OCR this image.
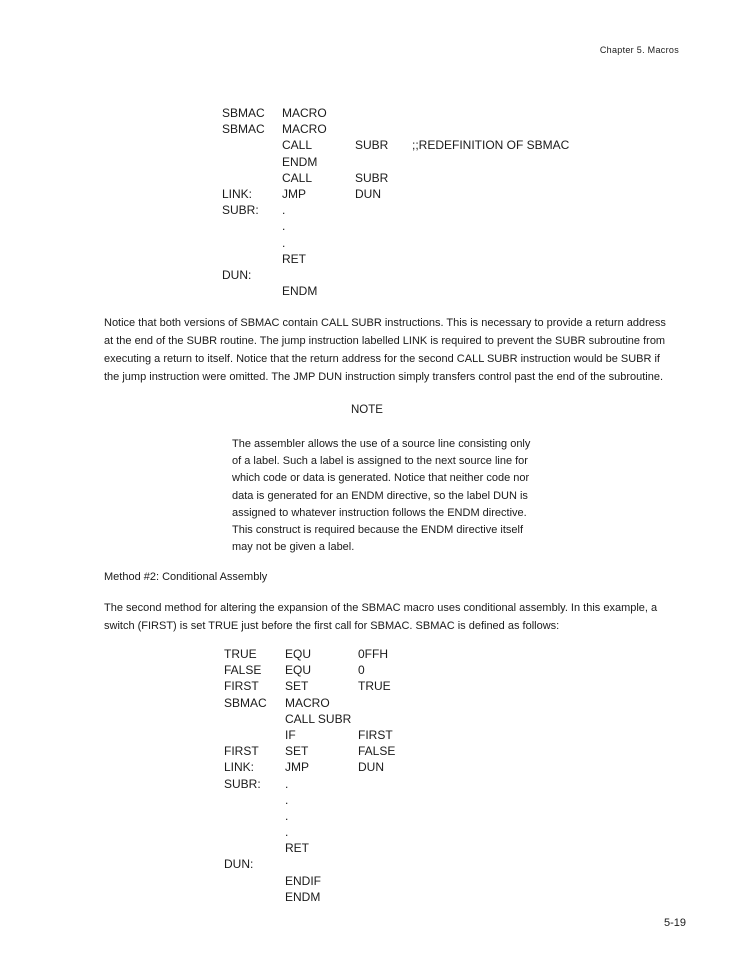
Chapter 5. Macros
SBMAC MACRO
SBMAC MACRO
CALL	SUBR ;;REDEFINITION OF SBMAC
ENDM
CALL	SUBR
LINK: JMP	DUN
SUBR: .
.
.
RET
DUN:
ENDM

Notice that both versions of SBMAC contain CALL SUBR instructions. This is necessary to provide a return address at the end of the SUBR routine. The jump instruction labelled LINK is required to prevent the SUBR subroutine from executing a return to itself. Notice that the return address for the second CALL SUBR instruction would be SUBR if the jump instruction were omitted. The JMP DUN instruction simply transfers control past the end of the subroutine.

NOTE

The assembler allows the use of a source line consisting only of a label. Such a label is assigned to the next source line for which code or data is generated. Notice that neither code nor data is generated for an ENDM directive, so the label DUN is assigned to whatever instruction follows the ENDM directive. This construct is required because the ENDM directive itself may not be given a label.

Method #2: Conditional Assembly

The second method for altering the expansion of the SBMAC macro uses conditional assembly. In this example, a switch (FIRST) is set TRUE just before the first call for SBMAC. SBMAC is defined as follows:

TRUE EQU	0FFH
FALSE EQU	0
FIRST SET	TRUE
SBMAC MACRO
CALL SUBR
IF	FIRST
FIRST SET	FALSE
LINK:	JMP	DUN
SUBR: .
.
.
.
RET
DUN:
ENDIF
ENDM
5-19
